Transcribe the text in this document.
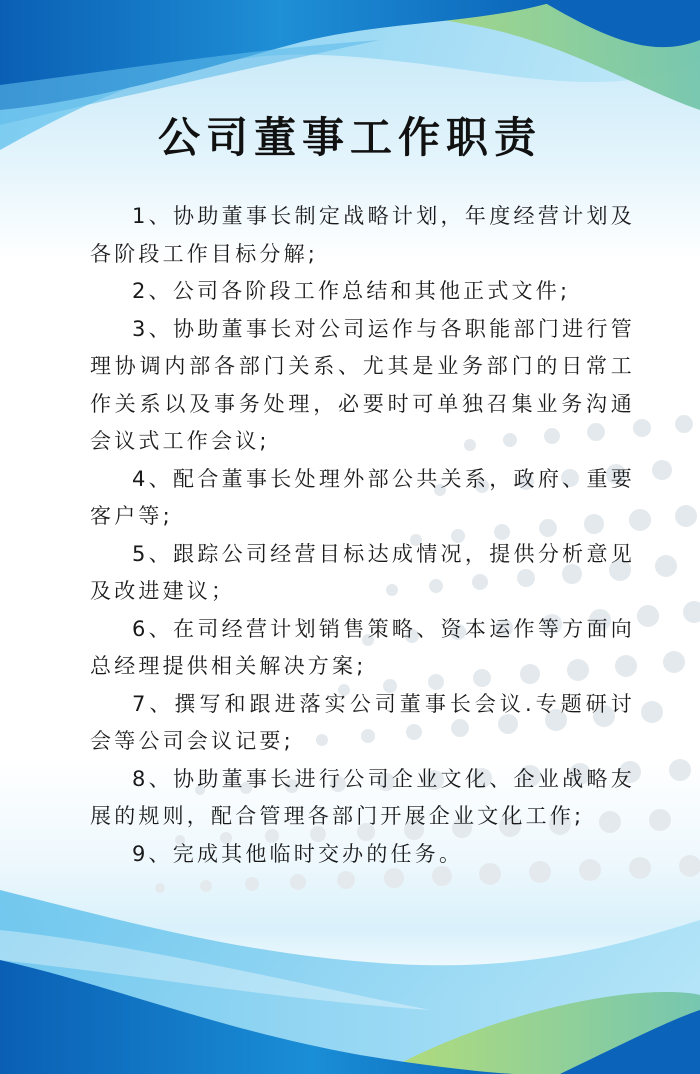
公司董事工作职责

1、协助董事长制定战略计划，年度经营计划及各阶段工作目标分解;

2、公司各阶段工作总结和其他正式文件;

3、协助董事长对公司运作与各职能部门进行管理协调内部各部门关系、尤其是业务部门的日常工作关系以及事务处理，必要时可单独召集业务沟通会议式工作会议;

4、配合董事长处理外部公共关系，政府、重要客户等;

5、跟踪公司经营目标达成情况，提供分析意见及改进建议；

6、在司经营计划销售策略、资本运作等方面向总经理提供相关解决方案;

7、撰写和跟进落实公司董事长会议.专题研讨会等公司会议记要;

8、协助董事长进行公司企业文化、企业战略友展的规则，配合管理各部门开展企业文化工作;

9、完成其他临时交办的任务。
